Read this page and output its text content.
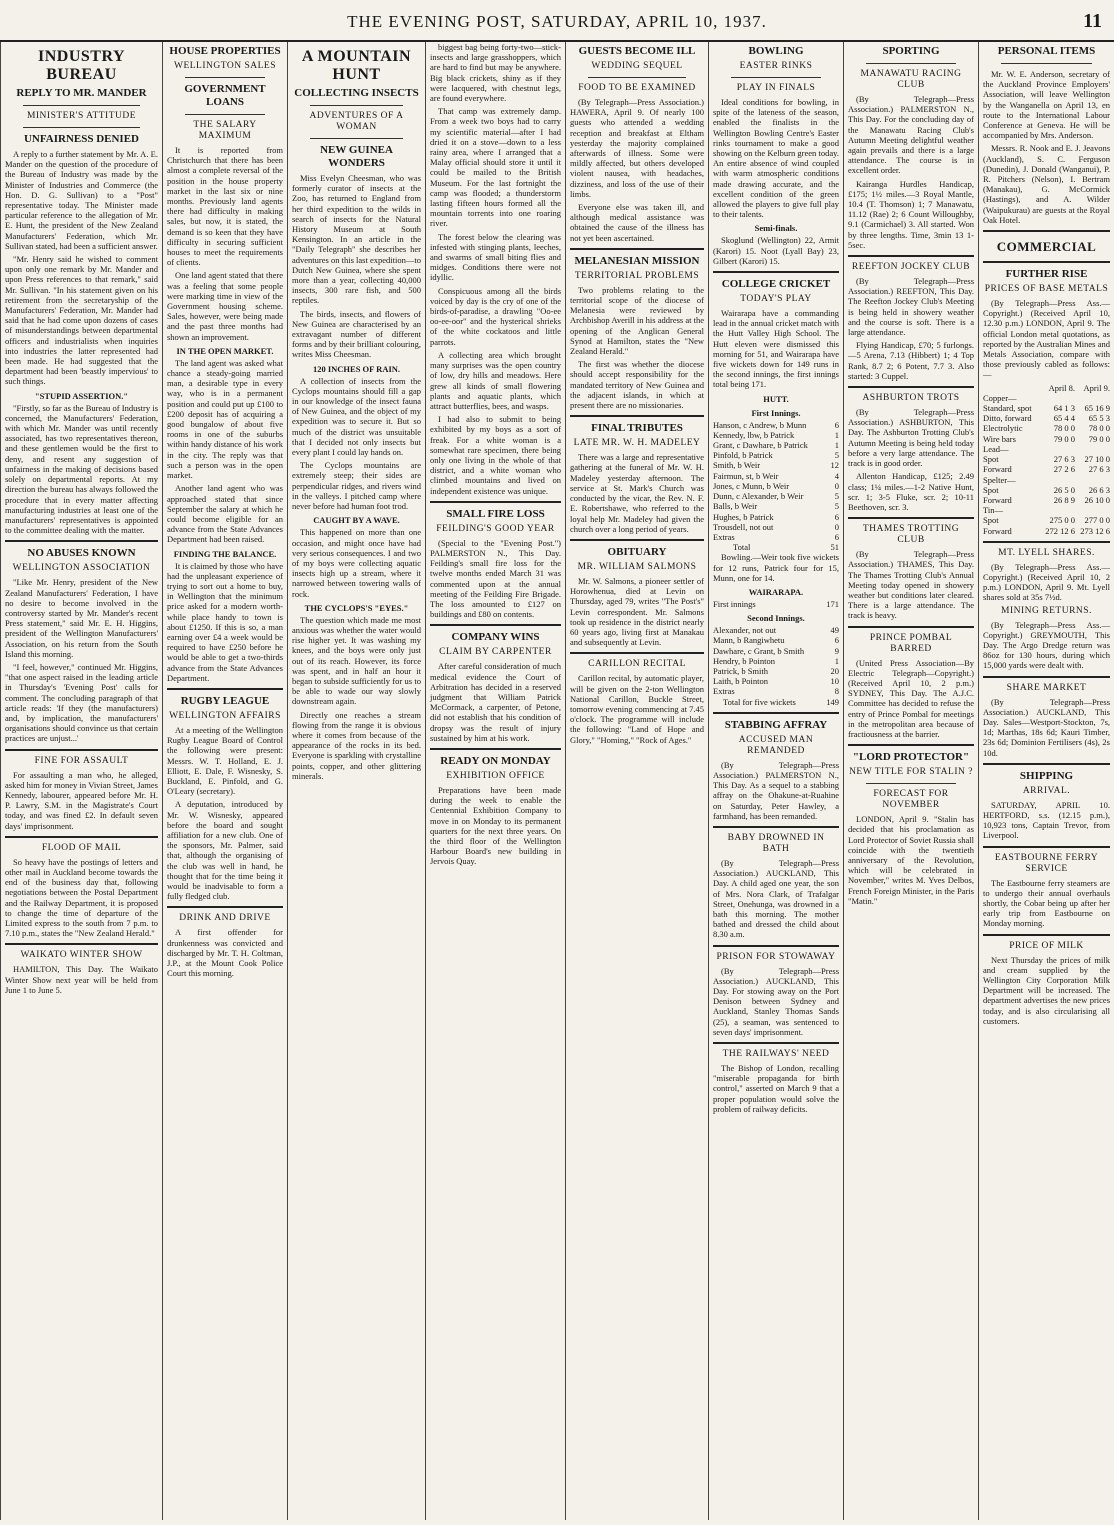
THE EVENING POST, SATURDAY, APRIL 10, 1937.	11
INDUSTRY BUREAU
REPLY TO MR. MANDER
MINISTER'S ATTITUDE
UNFAIRNESS DENIED

A reply to a further statement by Mr. A. E. Mander on the question of the procedure of the Bureau of Industry was made by the Minister of Industries and Commerce (the Hon. D. G. Sullivan) to a "Post" representative today. The Minister made particular reference to the allegation of Mr. E. Hunt, the president of the New Zealand Manufacturers' Federation, which Mr. Sullivan stated, had been a sufficient answer.

"Mr. Henry said he wished to comment upon only one remark by Mr. Mander and upon Press references to that remark," said Mr. Sullivan. "In his statement given on his retirement from the secretaryship of the Manufacturers' Federation, Mr. Mander had said that he had come upon dozens of cases of misunderstandings between departmental officers and industrialists when inquiries into industries the latter represented had been made. He had suggested that the department had been 'beastly impervious' to such things.

"STUPID ASSERTION."

"Firstly, so far as the Bureau of Industry is concerned, the Manufacturers' Federation, with which Mr. Mander was until recently associated, has two representatives thereon, and these gentlemen would be the first to deny, and resent any suggestion of unfairness in the making of decisions based solely on departmental reports. At my direction the bureau has always followed the procedure that in every matter affecting manufacturing industries at least one of the manufacturers' representatives is appointed to the committee dealing with the matter.

NO ABUSES KNOWN
WELLINGTON ASSOCIATION

"Like Mr. Henry, president of the New Zealand Manufacturers' Federation, I have no desire to become involved in the controversy started by Mr. Mander's recent Press statement," said Mr. E. H. Higgins, president of the Wellington Manufacturers' Association, on his return from the South Island this morning.

"I feel, however," continued Mr. Higgins, "that one aspect raised in the leading article in Thursday's 'Evening Post' calls for comment. The concluding paragraph of that article reads: 'If they (the manufacturers) and, by implication, the manufacturers' organisations should convince us that certain practices are unjust...'

FINE FOR ASSAULT

For assaulting a man who, he alleged, asked him for money in Vivian Street, James Kennedy, labourer, appeared before Mr. H. P. Lawry, S.M. in the Magistrate's Court today, and was fined £2. In default seven days' imprisonment.

FLOOD OF MAIL

So heavy have the postings of letters and other mail in Auckland become towards the end of the business day that, following negotiations between the Postal Department and the Railway Department, it is proposed to change the time of departure of the Limited express to the south from 7 p.m. to 7.10 p.m., states the "New Zealand Herald."

WAIKATO WINTER SHOW

HAMILTON, This Day. The Waikato Winter Show next year will be held from June 1 to June 5.

HOUSE PROPERTIES
WELLINGTON SALES
GOVERNMENT LOANS
THE SALARY MAXIMUM

It is reported from Christchurch that there has been almost a complete reversal of the position in the house property market in the last six or nine months. Previously land agents there had difficulty in making sales, but now, it is stated, the demand is so keen that they have difficulty in securing sufficient houses to meet the requirements of clients.

One land agent stated that there was a feeling that some people were marking time in view of the Government housing scheme. Sales, however, were being made and the past three months had shown an improvement.

IN THE OPEN MARKET.

The land agent was asked what chance a steady-going married man, a desirable type in every way, who is in a permanent position and could put up £100 to £200 deposit has of acquiring a good bungalow of about five rooms in one of the suburbs within handy distance of his work in the city. The reply was that such a person was in the open market.

Another land agent who was approached stated that since September the salary at which he could become eligible for an advance from the State Advances Department had been raised.

FINDING THE BALANCE.

It is claimed by those who have had the unpleasant experience of trying to sort out a home to buy, in Wellington that the minimum price asked for a modern worth-while place handy to town is about £1250. If this is so, a man earning over £4 a week would be required to have £250 before he would be able to get a two-thirds advance from the State Advances Department.

RUGBY LEAGUE
WELLINGTON AFFAIRS

At a meeting of the Wellington Rugby League Board of Control the following were present: Messrs. W. T. Holland, E. J. Elliott, E. Dale, F. Wisnesky, S. Buckland, E. Pinfold, and G. O'Leary (secretary).

A deputation, introduced by Mr. W. Wisnesky, appeared before the board and sought affiliation for a new club. One of the sponsors, Mr. Palmer, said that, although the organising of the club was well in hand, he thought that for the time being it would be inadvisable to form a fully fledged club.

DRINK AND DRIVE

A first offender for drunkenness was convicted and discharged by Mr. T. H. Coltman, J.P., at the Mount Cook Police Court this morning.

A MOUNTAIN HUNT
COLLECTING INSECTS
ADVENTURES OF A WOMAN
NEW GUINEA WONDERS

Miss Evelyn Cheesman, who was formerly curator of insects at the Zoo, has returned to England from her third expedition to the wilds in search of insects for the Natural History Museum at South Kensington. In an article in the "Daily Telegraph" she describes her adventures on this last expedition—to Dutch New Guinea, where she spent more than a year, collecting 40,000 insects, 300 rare fish, and 500 reptiles.

The birds, insects, and flowers of New Guinea are characterised by an extravagant number of different forms and by their brilliant colouring, writes Miss Cheesman.

120 INCHES OF RAIN.

A collection of insects from the Cyclops mountains should fill a gap in our knowledge of the insect fauna of New Guinea, and the object of my expedition was to secure it. But so much of the district was unsuitable that I decided not only insects but every plant I could lay hands on.

The Cyclops mountains are extremely steep; their sides are perpendicular ridges, and rivers wind in the valleys. I pitched camp where never before had human foot trod.

CAUGHT BY A WAVE.

This happened on more than one occasion, and might once have had very serious consequences. I and two of my boys were collecting aquatic insects high up a stream, where it narrowed between towering walls of rock.

THE CYCLOPS'S "EYES."

The question which made me most anxious was whether the water would rise higher yet. It was washing my knees, and the boys were only just out of its reach. However, its force was spent, and in half an hour it began to subside sufficiently for us to be able to wade our way slowly downstream again.

Directly one reaches a stream flowing from the range it is obvious where it comes from because of the appearance of the rocks in its bed. Everyone is sparkling with crystalline points, copper, and other glittering minerals.

biggest bag being forty-two—stick-insects and large grasshoppers, which are hard to find but may be anywhere. Big black crickets, shiny as if they were lacquered, with chestnut legs, are found everywhere.

That camp was extremely damp. From a week two boys had to carry my scientific material—after I had dried it on a stove—down to a less rainy area, where I arranged that a Malay official should store it until it could be mailed to the British Museum. For the last fortnight the camp was flooded; a thunderstorm lasting fifteen hours formed all the mountain torrents into one roaring river.

The forest below the clearing was infested with stinging plants, leeches, and swarms of small biting flies and midges. Conditions there were not idyllic.

Conspicuous among all the birds voiced by day is the cry of one of the birds-of-paradise, a drawling "Oo-ee oo-ee-oor" and the hysterical shrieks of the white cockatoos and little parrots.

A collecting area which brought many surprises was the open country of low, dry hills and meadows. Here grew all kinds of small flowering plants and aquatic plants, which attract butterflies, bees, and wasps.

I had also to submit to being exhibited by my boys as a sort of freak. For a white woman is a somewhat rare specimen, there being only one living in the whole of that district, and a white woman who climbed mountains and lived on independent existence was unique.

SMALL FIRE LOSS
FEILDING'S GOOD YEAR

(Special to the "Evening Post.") PALMERSTON N., This Day. Feilding's small fire loss for the twelve months ended March 31 was commented upon at the annual meeting of the Feilding Fire Brigade. The loss amounted to £127 on buildings and £80 on contents.

COMPANY WINS
CLAIM BY CARPENTER

After careful consideration of much medical evidence the Court of Arbitration has decided in a reserved judgment that William Patrick McCormack, a carpenter, of Petone, did not establish that his condition of dropsy was the result of injury sustained by him at his work.

READY ON MONDAY
EXHIBITION OFFICE

Preparations have been made during the week to enable the Centennial Exhibition Company to move in on Monday to its permanent quarters for the next three years. On the third floor of the Wellington Harbour Board's new building in Jervois Quay.

GUESTS BECOME ILL
WEDDING SEQUEL
FOOD TO BE EXAMINED

(By Telegraph—Press Association.) HAWERA, April 9. Of nearly 100 guests who attended a wedding reception and breakfast at Eltham yesterday the majority complained afterwards of illness. Some were mildly affected, but others developed violent nausea, with headaches, dizziness, and loss of the use of their limbs.

Everyone else was taken ill, and although medical assistance was obtained the cause of the illness has not yet been ascertained.

MELANESIAN MISSION
TERRITORIAL PROBLEMS

Two problems relating to the territorial scope of the diocese of Melanesia were reviewed by Archbishop Averill in his address at the opening of the Anglican General Synod at Hamilton, states the "New Zealand Herald."

The first was whether the diocese should accept responsibility for the mandated territory of New Guinea and the adjacent islands, in which at present there are no missionaries.

FINAL TRIBUTES
LATE MR. W. H. MADELEY

There was a large and representative gathering at the funeral of Mr. W. H. Madeley yesterday afternoon. The service at St. Mark's Church was conducted by the vicar, the Rev. N. F. E. Robertshawe, who referred to the loyal help Mr. Madeley had given the church over a long period of years.

OBITUARY
MR. WILLIAM SALMONS

Mr. W. Salmons, a pioneer settler of Horowhenua, died at Levin on Thursday, aged 79, writes "The Post's" Levin correspondent. Mr. Salmons took up residence in the district nearly 60 years ago, living first at Manakau and subsequently at Levin.

CARILLON RECITAL

Carillon recital, by automatic player, will be given on the 2-ton Wellington National Carillon, Buckle Street, tomorrow evening commencing at 7.45 o'clock. The programme will include the following: "Land of Hope and Glory," "Homing," "Rock of Ages."

BOWLING
EASTER RINKS
PLAY IN FINALS

Ideal conditions for bowling, in spite of the lateness of the season, enabled the finalists in the Wellington Bowling Centre's Easter rinks tournament to make a good showing on the Kelburn green today. An entire absence of wind coupled with warm atmospheric conditions made drawing accurate, and the excellent condition of the green allowed the players to give full play to their talents.

Semi-finals.

Skoglund (Wellington) 22, Armit (Karori) 15. Noot (Lyall Bay) 23, Gilbert (Karori) 15.

COLLEGE CRICKET
TODAY'S PLAY

Wairarapa have a commanding lead in the annual cricket match with the Hutt Valley High School. The Hutt eleven were dismissed this morning for 51, and Wairarapa have five wickets down for 149 runs in the second innings, the first innings total being 171.

HUTT.
First Innings.
Hanson, c Andrew, b Munn	6
Kennedy, lbw, b Patrick	1
Grant, c Dawhare, b Patrick	1
Pinfold, b Patrick	5
Smith, b Weir	12
Fairmun, st, b Weir	4
Jones, c Munn, b Weir	0
Dunn, c Alexander, b Weir	5
Balls, b Weir	5
Hughes, b Patrick	6
Trousdell, not out	0
Extras	6
Total	51

Bowling.—Weir took five wickets for 12 runs, Patrick four for 15, Munn, one for 14.

WAIRARAPA.
First innings	171
Second Innings.
Alexander, not out	49
Mann, b Rangiwhetu	6
Dawhare, c Grant, b Smith	9
Hendry, b Pointon	1
Patrick, b Smith	20
Laith, b Pointon	10
Extras	8
Total for five wickets	149
STABBING AFFRAY
ACCUSED MAN REMANDED

(By Telegraph—Press Association.) PALMERSTON N., This Day. As a sequel to a stabbing affray on the Ohakune-at-Ruahine on Saturday, Peter Hawley, a farmhand, has been remanded.

BABY DROWNED IN BATH

(By Telegraph—Press Association.) AUCKLAND, This Day. A child aged one year, the son of Mrs. Nora Clark, of Trafalgar Street, Onehunga, was drowned in a bath this morning. The mother bathed and dressed the child about 8.30 a.m.

PRISON FOR STOWAWAY

(By Telegraph—Press Association.) AUCKLAND, This Day. For stowing away on the Port Denison between Sydney and Auckland, Stanley Thomas Sands (25), a seaman, was sentenced to seven days' imprisonment.

THE RAILWAYS' NEED

The Bishop of London, recalling "miserable propaganda for birth control," asserted on March 9 that a proper population would solve the problem of railway deficits.

SPORTING
MANAWATU RACING CLUB

(By Telegraph—Press Association.) PALMERSTON N., This Day. For the concluding day of the Manawatu Racing Club's Autumn Meeting delightful weather again prevails and there is a large attendance. The course is in excellent order.

Kairanga Hurdles Handicap, £175; 1½ miles.—3 Royal Mantle, 10.4 (T. Thomson) 1; 7 Manawatu, 11.12 (Rae) 2; 6 Count Willoughby, 9.1 (Carmichael) 3. All started. Won by three lengths. Time, 3min 13 1-5sec.

REEFTON JOCKEY CLUB

(By Telegraph—Press Association.) REEFTON, This Day. The Reefton Jockey Club's Meeting is being held in showery weather and the course is soft. There is a large attendance.

Flying Handicap, £70; 5 furlongs.—5 Arena, 7.13 (Hibbert) 1; 4 Top Rank, 8.7 2; 6 Potent, 7.7 3. Also started: 3 Cuppel.

ASHBURTON TROTS

(By Telegraph—Press Association.) ASHBURTON, This Day. The Ashburton Trotting Club's Autumn Meeting is being held today before a very large attendance. The track is in good order.

Allenton Handicap, £125; 2.49 class; 1¼ miles.—1-2 Native Hunt, scr. 1; 3-5 Fluke, scr. 2; 10-11 Beethoven, scr. 3.

THAMES TROTTING CLUB

(By Telegraph—Press Association.) THAMES, This Day. The Thames Trotting Club's Annual Meeting today opened in showery weather but conditions later cleared. There is a large attendance. The track is heavy.

PRINCE POMBAL BARRED

(United Press Association—By Electric Telegraph—Copyright.) (Received April 10, 2 p.m.) SYDNEY, This Day. The A.J.C. Committee has decided to refuse the entry of Prince Pombal for meetings in the metropolitan area because of fractiousness at the barrier.

"LORD PROTECTOR"
NEW TITLE FOR STALIN ?
FORECAST FOR NOVEMBER

LONDON, April 9. "Stalin has decided that his proclamation as Lord Protector of Soviet Russia shall coincide with the twentieth anniversary of the Revolution, which will be celebrated in November," writes M. Yves Delbos, French Foreign Minister, in the Paris "Matin."

PERSONAL ITEMS

Mr. W. E. Anderson, secretary of the Auckland Province Employers' Association, will leave Wellington by the Wanganella on April 13, en route to the International Labour Conference at Geneva. He will be accompanied by Mrs. Anderson.

Messrs. R. Nook and E. J. Jeavons (Auckland), S. C. Ferguson (Dunedin), J. Donald (Wanganui), P. R. Pitchers (Nelson), I. Bertram (Manakau), G. McCormick (Hastings), and A. Wilder (Waipukurau) are guests at the Royal Oak Hotel.

COMMERCIAL
FURTHER RISE
PRICES OF BASE METALS

(By Telegraph—Press Ass.—Copyright.) (Received April 10, 12.30 p.m.) LONDON, April 9. The official London metal quotations, as reported by the Australian Mines and Metals Association, compare with those previously cabled as follows:—

	April 8.	April 9.
Copper—		
Standard, spot	64 1 3	65 16 9
Ditto, forward	65 4 4	65 5 3
Electrolytic	78 0 0	78 0 0
Wire bars	79 0 0	79 0 0
Lead—		
Spot	27 6 3	27 10 0
Forward	27 2 6	27 6 3
Spelter—		
Spot	26 5 0	26 6 3
Forward	26 8 9	26 10 0
Tin—		
Spot	275 0 0	277 0 0
Forward	272 12 6	273 12 6
MT. LYELL SHARES.

(By Telegraph—Press Ass.—Copyright.) (Received April 10, 2 p.m.) LONDON, April 9. Mt. Lyell shares sold at 35s 7½d.

MINING RETURNS.

(By Telegraph—Press Ass.—Copyright.) GREYMOUTH, This Day. The Argo Dredge return was 86oz for 130 hours, during which 15,000 yards were dealt with.

SHARE MARKET

(By Telegraph—Press Association.) AUCKLAND, This Day. Sales—Westport-Stockton, 7s, 1d; Marthas, 18s 6d; Kauri Timber, 23s 6d; Dominion Fertilisers (4s), 2s 10d.

SHIPPING
ARRIVAL.

SATURDAY, APRIL 10. HERTFORD, s.s. (12.15 p.m.), 10,923 tons, Captain Trevor, from Liverpool.

EASTBOURNE FERRY SERVICE

The Eastbourne ferry steamers are to undergo their annual overhauls shortly, the Cobar being up after her early trip from Eastbourne on Monday morning.

PRICE OF MILK

Next Thursday the prices of milk and cream supplied by the Wellington City Corporation Milk Department will be increased. The department advertises the new prices today, and is also circularising all customers.
